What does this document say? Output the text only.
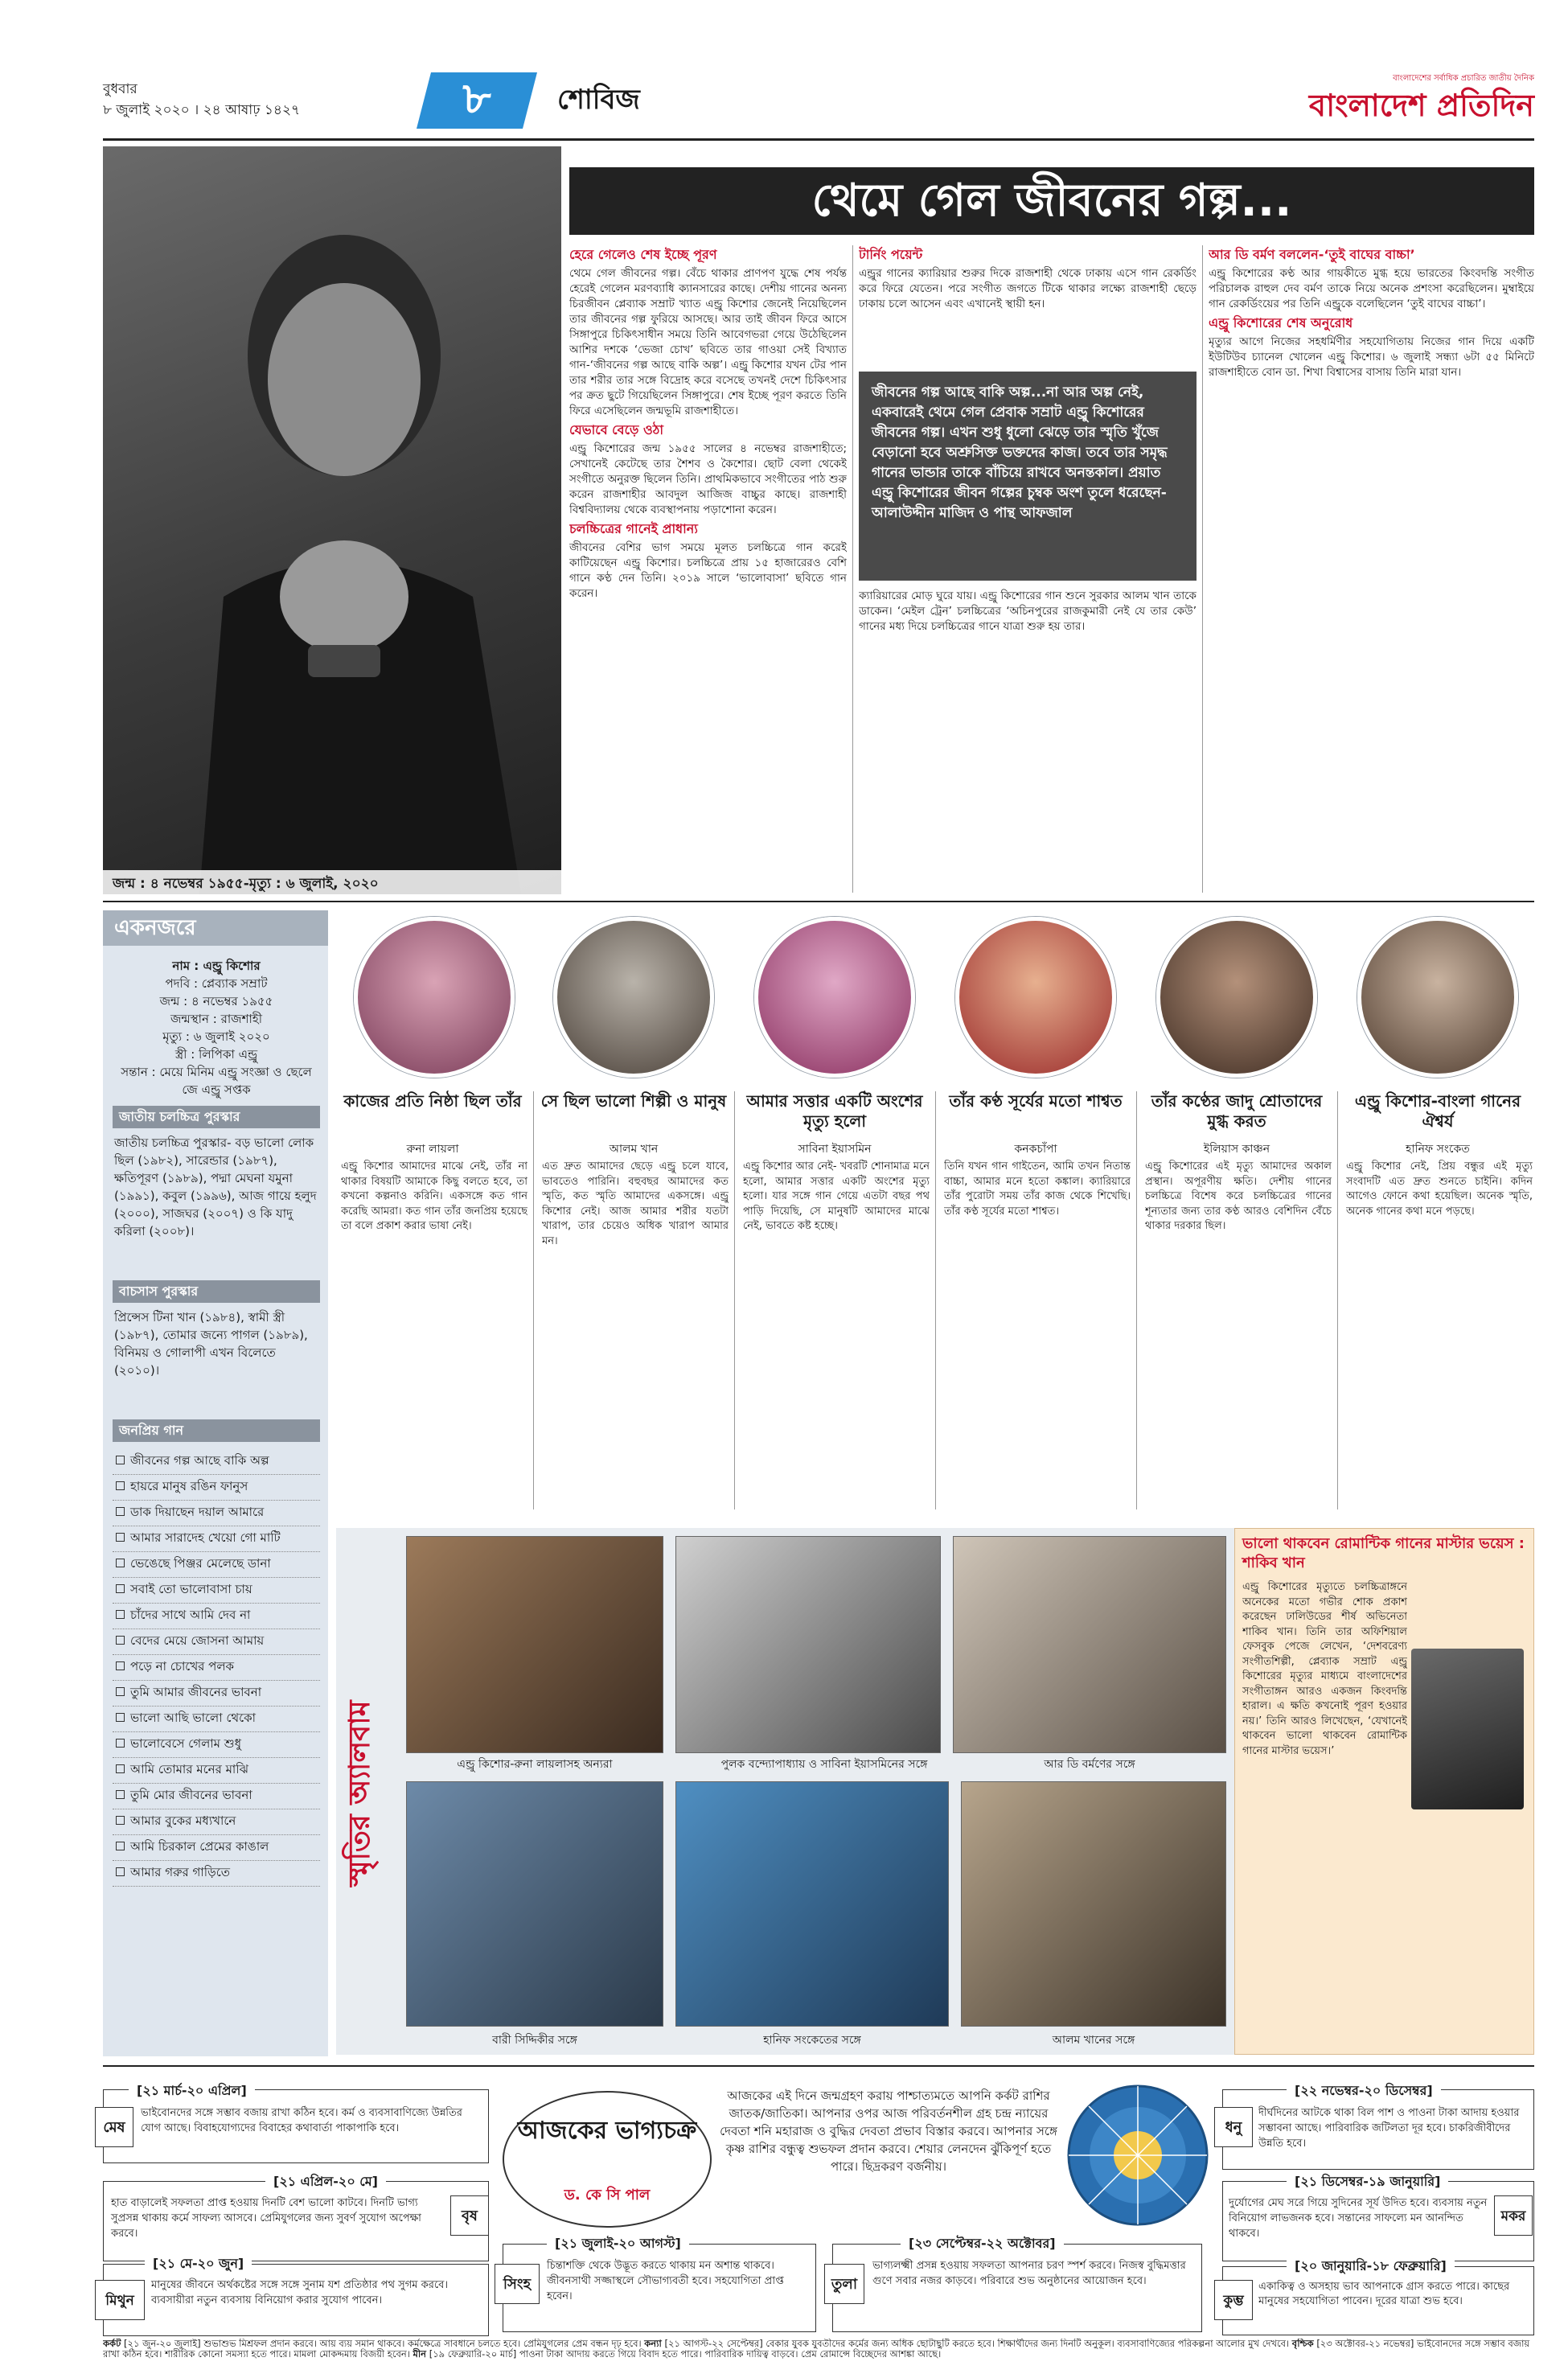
বুধবার
৮ জুলাই ২০২০ । ২৪ আষাঢ় ১৪২৭	৮	শোবিজ
বাংলাদেশের সর্বাধিক প্রচারিত জাতীয় দৈনিক
বাংলাদেশ প্রতিদিন
জন্ম : ৪ নভেম্বর ১৯৫৫-মৃত্যু : ৬ জুলাই, ২০২০
থেমে গেল জীবনের গল্প...
হেরে গেলেও শেষ ইচ্ছে পূরণ

থেমে গেল জীবনের গল্প। বেঁচে থাকার প্রাণপণ যুদ্ধে শেষ পর্যন্ত হেরেই গেলেন মরণব্যাধি ক্যানসারের কাছে। দেশীয় গানের অনন্য চিরজীবন প্লেব্যাক সম্রাট খ্যাত এন্ড্রু কিশোর জেনেই নিয়েছিলেন তার জীবনের গল্প ফুরিয়ে আসছে। আর তাই জীবন ফিরে আসে সিঙ্গাপুরে চিকিৎসাধীন সময়ে তিনি আবেগভরা গেয়ে উঠেছিলেন আশির দশকে ‘ভেজা চোখ’ ছবিতে তার গাওয়া সেই বিখ্যাত গান-‘জীবনের গল্প আছে বাকি অল্প’। এন্ড্রু কিশোর যখন টের পান তার শরীর তার সঙ্গে বিদ্রোহ করে বসেছে তখনই দেশে চিকিৎসার পর ক্রত ছুটে গিয়েছিলেন সিঙ্গাপুরে। শেষ ইচ্ছে পূরণ করতে তিনি ফিরে এসেছিলেন জন্মভূমি রাজশাহীতে।

যেভাবে বেড়ে ওঠা

এন্ড্রু কিশোরের জন্ম ১৯৫৫ সালের ৪ নভেম্বর রাজশাহীতে; সেখানেই কেটেছে তার শৈশব ও কৈশোর। ছোট বেলা থেকেই সংগীতে অনুরক্ত ছিলেন তিনি। প্রাথমিকভাবে সংগীতের পাঠ শুরু করেন রাজশাহীর আবদুল আজিজ বাচ্চুর কাছে। রাজশাহী বিশ্ববিদ্যালয় থেকে ব্যবস্থাপনায় পড়াশোনা করেন।

চলচ্চিত্রের গানেই প্রাধান্য

জীবনের বেশির ভাগ সময়ে মূলত চলচ্চিত্রে গান করেই কাটিয়েছেন এন্ড্রু কিশোর। চলচ্চিত্রে প্রায় ১৫ হাজারেরও বেশি গানে কণ্ঠ দেন তিনি। ২০১৯ সালে ‘ভালোবাসা’ ছবিতে গান করেন।

টার্নিং পয়েন্ট

এন্ড্রুর গানের ক্যারিয়ার শুরুর দিকে রাজশাহী থেকে ঢাকায় এসে গান রেকর্ডিং করে ফিরে যেতেন। পরে সংগীত জগতে টিকে থাকার লক্ষ্যে রাজশাহী ছেড়ে ঢাকায় চলে আসেন এবং এখানেই স্থায়ী হন।

জীবনের গল্প আছে বাকি অল্প...না আর অল্প নেই, একবারেই থেমে গেল প্রেবাক সম্রাট এন্ড্রু কিশোরের জীবনের গল্প। এখন শুধু ধুলো ঝেড়ে তার স্মৃতি খুঁজে বেড়ানো হবে অশ্রুসিক্ত ভক্তদের কাজ। তবে তার সমৃদ্ধ গানের ভান্ডার তাকে বাঁচিয়ে রাখবে অনন্তকাল। প্রয়াত এন্ড্রু কিশোরের জীবন গল্পের চুম্বক অংশ তুলে ধরেছেন- আলাউদ্দীন মাজিদ ও পান্থ আফজাল

ক্যারিয়ারের মোড় ঘুরে যায়। এন্ড্রু কিশোরের গান শুনে সুরকার আলম খান তাকে ডাকেন। ‘মেইল ট্রেন’ চলচ্চিত্রের ‘অচিনপুরের রাজকুমারী নেই যে তার কেউ’ গানের মধ্য দিয়ে চলচ্চিত্রের গানে যাত্রা শুরু হয় তার।

আর ডি বর্মণ বললেন-‘তুই বাঘের বাচ্চা’

এন্ড্রু কিশোরের কণ্ঠ আর গায়কীতে মুগ্ধ হয়ে ভারতের কিংবদন্তি সংগীত পরিচালক রাহুল দেব বর্মণ তাকে নিয়ে অনেক প্রশংসা করেছিলেন। মুম্বাইয়ে গান রেকর্ডিংয়ের পর তিনি এন্ড্রুকে বলেছিলেন ‘তুই বাঘের বাচ্চা’।

এন্ড্রু কিশোরের শেষ অনুরোধ

মৃত্যুর আগে নিজের সহধর্মিণীর সহযোগিতায় নিজের গান দিয়ে একটি ইউটিউব চ্যানেল খোলেন এন্ড্রু কিশোর। ৬ জুলাই সন্ধ্যা ৬টা ৫৫ মিনিটে রাজশাহীতে বোন ডা. শিখা বিশ্বাসের বাসায় তিনি মারা যান।

একনজরে
নাম : এন্ড্রু কিশোর
পদবি : প্লেব্যাক সম্রাট
জন্ম : ৪ নভেম্বর ১৯৫৫
জন্মস্থান : রাজশাহী
মৃত্যু : ৬ জুলাই ২০২০
স্ত্রী : লিপিকা এন্ড্রু
সন্তান : মেয়ে মিনিম এন্ড্রু সংজ্ঞা ও ছেলে জে এন্ড্রু সপ্তক
জাতীয় চলচ্চিত্র পুরস্কার
জাতীয় চলচ্চিত্র পুরস্কার- বড় ভালো লোক ছিল (১৯৮২), সারেন্ডার (১৯৮৭), ক্ষতিপূরণ (১৯৮৯), পদ্মা মেঘনা যমুনা (১৯৯১), কবুল (১৯৯৬), আজ গায়ে হলুদ (২০০০), সাজঘর (২০০৭) ও কি যাদু করিলা (২০০৮)।
বাচসাস পুরস্কার
প্রিন্সেস টিনা খান (১৯৮৪), স্বামী স্ত্রী (১৯৮৭), তোমার জন্যে পাগল (১৯৮৯), বিনিময় ও গোলাপী এখন বিলেতে (২০১০)।
জনপ্রিয় গান
জীবনের গল্প আছে বাকি অল্প
হায়রে মানুষ রঙিন ফানুস
ডাক দিয়াছেন দয়াল আমারে
আমার সারাদেহ খেয়ো গো মাটি
ভেঙেছে পিঞ্জর মেলেছে ডানা
সবাই তো ভালোবাসা চায়
চাঁদের সাথে আমি দেব না
বেদের মেয়ে জোসনা আমায়
পড়ে না চোখের পলক
তুমি আমার জীবনের ভাবনা
ভালো আছি ভালো থেকো
ভালোবেসে গেলাম শুধু
আমি তোমার মনের মাঝি
তুমি মোর জীবনের ভাবনা
আমার বুকের মধ্যখানে
আমি চিরকাল প্রেমের কাঙাল
আমার গরুর গাড়িতে
কাজের প্রতি নিষ্ঠা ছিল তাঁর
রুনা লায়লা
এন্ড্রু কিশোর আমাদের মাঝে নেই, তাঁর না থাকার বিষয়টি আমাকে কিছু বলতে হবে, তা কখনো কল্পনাও করিনি। একসঙ্গে কত গান করেছি আমরা। কত গান তাঁর জনপ্রিয় হয়েছে তা বলে প্রকাশ করার ভাষা নেই।
সে ছিল ভালো শিল্পী ও মানুষ
আলম খান
এত দ্রুত আমাদের ছেড়ে এন্ড্রু চলে যাবে, ভাবতেও পারিনি। বহুবছর আমাদের কত স্মৃতি, কত স্মৃতি আমাদের একসঙ্গে। এন্ড্রু কিশোর নেই। আজ আমার শরীর যতটা খারাপ, তার চেয়েও অধিক খারাপ আমার মন।
আমার সত্তার একটি অংশের মৃত্যু হলো
সাবিনা ইয়াসমিন
এন্ড্রু কিশোর আর নেই- খবরটি শোনামাত্র মনে হলো, আমার সত্তার একটি অংশের মৃত্যু হলো। যার সঙ্গে গান গেয়ে এতটা বছর পথ পাড়ি দিয়েছি, সে মানুষটি আমাদের মাঝে নেই, ভাবতে কষ্ট হচ্ছে।
তাঁর কণ্ঠ সূর্যের মতো শাশ্বত
কনকচাঁপা
তিনি যখন গান গাইতেন, আমি তখন নিতান্ত বাচ্চা, আমার মনে হতো কঙ্কাল। ক্যারিয়ারে তাঁর পুরোটা সময় তাঁর কাজ থেকে শিখেছি। তাঁর কণ্ঠ সূর্যের মতো শাশ্বত।
তাঁর কণ্ঠের জাদু শ্রোতাদের মুগ্ধ করত
ইলিয়াস কাঞ্চন
এন্ড্রু কিশোরের এই মৃত্যু আমাদের অকাল প্রস্থান। অপূরণীয় ক্ষতি। দেশীয় গানের চলচ্চিত্রে বিশেষ করে চলচ্চিত্রের গানের শূন্যতার জন্য তার কণ্ঠ আরও বেশিদিন বেঁচে থাকার দরকার ছিল।
এন্ড্রু কিশোর-বাংলা গানের ঐশ্বর্য
হানিফ সংকেত
এন্ড্রু কিশোর নেই, প্রিয় বন্ধুর এই মৃত্যু সংবাদটি এত দ্রুত শুনতে চাইনি। কদিন আগেও ফোনে কথা হয়েছিল। অনেক স্মৃতি, অনেক গানের কথা মনে পড়ছে।
স্মৃতির অ্যালবাম	এন্ড্রু কিশোর-রুনা লায়লাসহ অন্যরা	পুলক বন্দ্যোপাধ্যায় ও সাবিনা ইয়াসমিনের সঙ্গে	আর ডি বর্মণের সঙ্গে
বারী সিদ্দিকীর সঙ্গে	হানিফ সংকেতের সঙ্গে	আলম খানের সঙ্গে
ভালো থাকবেন রোমান্টিক গানের মাস্টার ভয়েস : শাকিব খান
এন্ড্রু কিশোরের মৃত্যুতে চলচ্চিত্রাঙ্গনে অনেকের মতো গভীর শোক প্রকাশ করেছেন ঢালিউডের শীর্ষ অভিনেতা শাকিব খান। তিনি তার অফিশিয়াল ফেসবুক পেজে লেখেন, ‘দেশবরেণ্য সংগীতশিল্পী, প্লেব্যাক সম্রাট এন্ড্রু কিশোরের মৃত্যুর মাধ্যমে বাংলাদেশের সংগীতাঙ্গন আরও একজন কিংবদন্তি হারাল। এ ক্ষতি কখনোই পূরণ হওয়ার নয়।’ তিনি আরও লিখেছেন, ‘যেখানেই থাকবেন ভালো থাকবেন রোমান্টিক গানের মাস্টার ভয়েস।’
আজকের ভাগ্যচক্র
ড. কে সি পাল
আজকের এই দিনে জন্মগ্রহণ করায় পাশ্চাত্যমতে আপনি কর্কট রাশির জাতক/জাতিকা। আপনার ওপর আজ পরিবর্তনশীল গ্রহ চন্দ্র ন্যায়ের দেবতা শনি মহারাজ ও বুদ্ধির দেবতা প্রভাব বিস্তার করবে। আপনার সঙ্গে কৃষ্ণ রাশির বন্ধুত্ব শুভফল প্রদান করবে। শেয়ার লেনদেন ঝুঁকিপূর্ণ হতে পারে। ছিদ্রকরণ বর্জনীয়।
মেষ
[২১ মার্চ-২০ এপ্রিল]
ভাইবোনদের সঙ্গে সম্ভাব বজায় রাখা কঠিন হবে। কর্ম ও ব্যবসাবাণিজ্যে উন্নতির যোগ আছে। বিবাহযোগ্যদের বিবাহের কথাবার্তা পাকাপাকি হবে।
বৃষ
[২১ এপ্রিল-২০ মে]
হাত বাড়ালেই সফলতা প্রাপ্ত হওয়ায় দিনটি বেশ ভালো কাটবে। দিনটি ভাগ্য সুপ্রসন্ন থাকায় কর্মে সাফল্য আসবে। প্রেমিযুগলের জন্য সুবর্ণ সুযোগ অপেক্ষা করবে।
মিথুন
[২১ মে-২০ জুন]
মানুষের জীবনে অর্থকষ্টের সঙ্গে সঙ্গে সুনাম যশ প্রতিষ্ঠার পথ সুগম করবে। ব্যবসায়ীরা নতুন ব্যবসায় বিনিয়োগ করার সুযোগ পাবেন।
সিংহ
[২১ জুলাই-২০ আগস্ট]
চিন্তাশক্তি থেকে উদ্ভূত করতে থাকায় মন অশান্ত থাকবে। জীবনসাথী সজ্জাস্থলে সৌভাগ্যবতী হবে। সহযোগিতা প্রাপ্ত হবেন।
তুলা
[২৩ সেপ্টেম্বর-২২ অক্টোবর]
ভাগ্যলক্ষ্মী প্রসন্ন হওয়ায় সফলতা আপনার চরণ স্পর্শ করবে। নিজস্ব বুদ্ধিমত্তার গুণে সবার নজর কাড়বে। পরিবারে শুভ অনুষ্ঠানের আয়োজন হবে।
ধনু
[২২ নভেম্বর-২০ ডিসেম্বর]
দীর্ঘদিনের আটকে থাকা বিল পাশ ও পাওনা টাকা আদায় হওয়ার সম্ভাবনা আছে। পারিবারিক জটিলতা দূর হবে। চাকরিজীবীদের উন্নতি হবে।
মকর
[২১ ডিসেম্বর-১৯ জানুয়ারি]
দুর্যোগের মেঘ সরে গিয়ে সুদিনের সূর্য উদিত হবে। ব্যবসায় নতুন বিনিয়োগ লাভজনক হবে। সন্তানের সাফল্যে মন আনন্দিত থাকবে।
কুম্ভ
[২০ জানুয়ারি-১৮ ফেব্রুয়ারি]
একাকিত্ব ও অসহায় ভাব আপনাকে গ্রাস করতে পারে। কাছের মানুষের সহযোগিতা পাবেন। দূরের যাত্রা শুভ হবে।
কর্কট [২১ জুন-২০ জুলাই] শুভাশুভ মিশ্রফল প্রদান করবে। আয় ব্যয় সমান থাকবে। কর্মক্ষেত্রে সাবধানে চলতে হবে। প্রেমিযুগলের প্রেম বন্ধন দৃঢ় হবে। কন্যা [২১ আগস্ট-২২ সেপ্টেম্বর] বেকার যুবক যুবতীদের কর্মের জন্য অধিক ছোটাছুটি করতে হবে। শিক্ষার্থীদের জন্য দিনটি অনুকূল। ব্যবসাবাণিজ্যের পরিকল্পনা আলোর মুখ দেখবে। বৃশ্চিক [২৩ অক্টোবর-২১ নভেম্বর] ভাইবোনদের সঙ্গে সম্ভাব বজায় রাখা কঠিন হবে। শারীরিক কোনো সমস্যা হতে পারে। মামলা মোকদ্দমায় বিজয়ী হবেন। মীন [১৯ ফেব্রুয়ারি-২০ মার্চ] পাওনা টাকা আদায় করতে গিয়ে বিবাদ হতে পারে। পারিবারিক দায়িত্ব বাড়বে। প্রেম রোমান্সে বিচ্ছেদের আশঙ্কা আছে।
